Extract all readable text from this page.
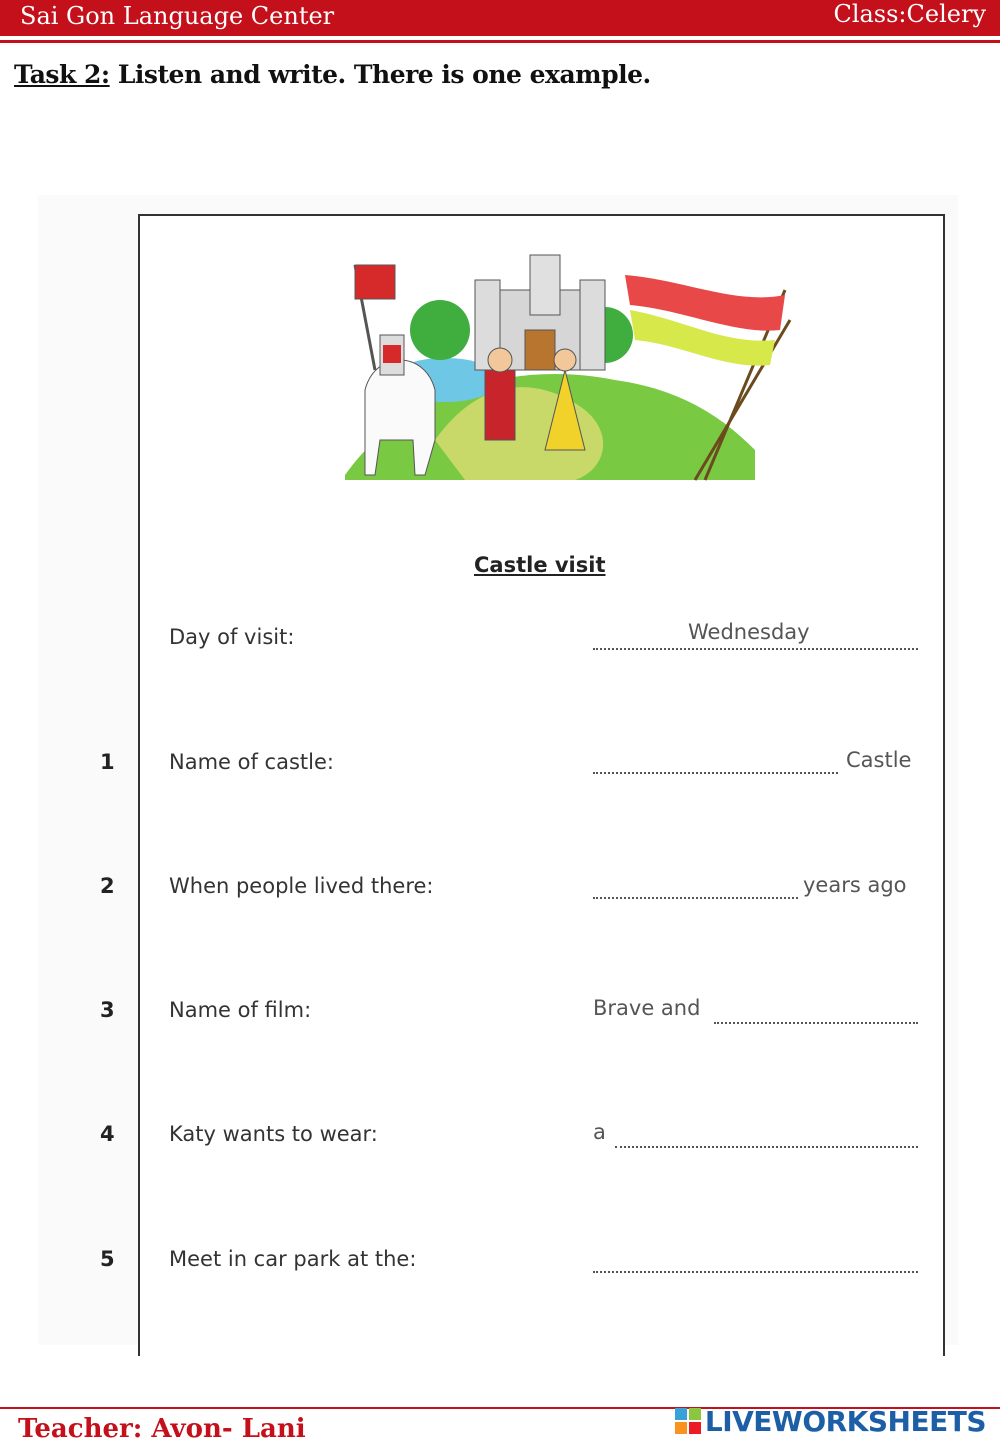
Sai Gon Language Center	Class:Celery
Task 2: Listen and write. There is one example.
Castle visit
Day of visit:	Wednesday
1	Name of castle:	Castle
2	When people lived there:	years ago
3	Name of film:	Brave and
4	Katy wants to wear:	a
5	Meet in car park at the:
Teacher: Avon- Lani	LIVEWORKSHEETS
